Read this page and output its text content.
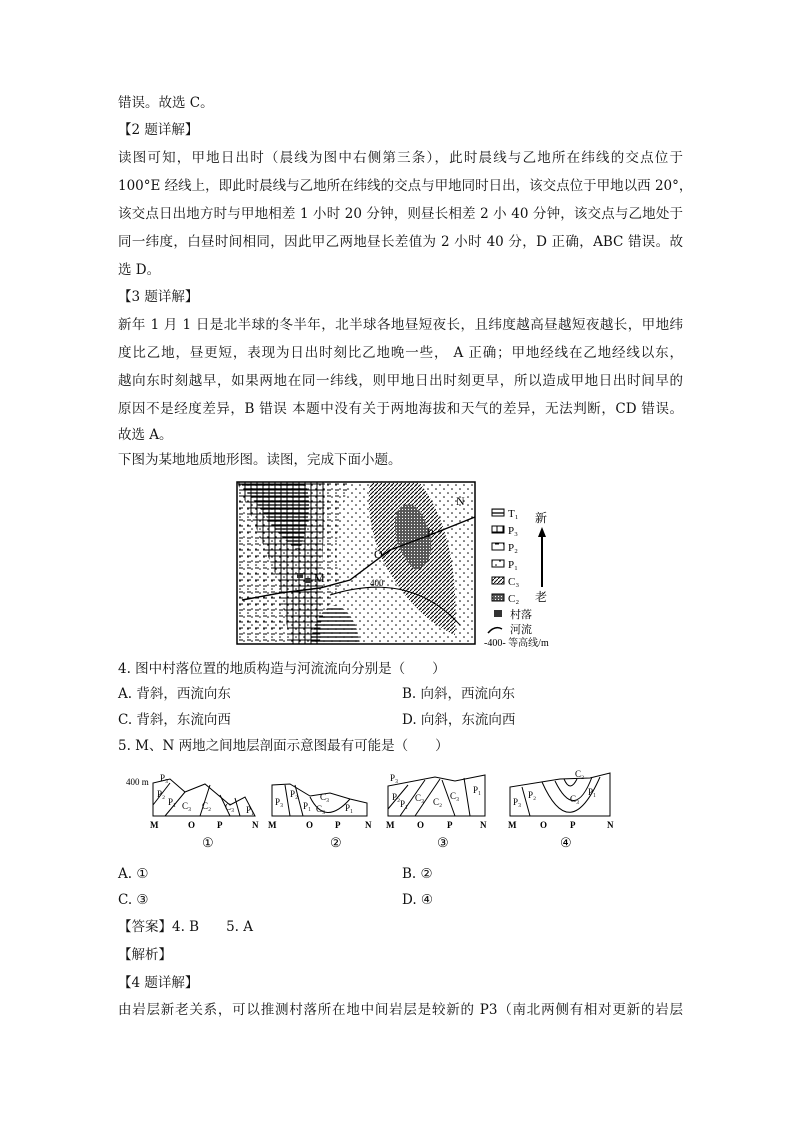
错误。故选 C。
【2 题详解】
读图可知，甲地日出时（晨线为图中右侧第三条），此时晨线与乙地所在纬线的交点位于
100°E 经线上，即此时晨线与乙地所在纬线的交点与甲地同时日出，该交点位于甲地以西 20°，
该交点日出地方时与甲地相差 1 小时 20 分钟，则昼长相差 2 小 40 分钟，该交点与乙地处于
同一纬度，白昼时间相同，因此甲乙两地昼长差值为 2 小时 40 分，D 正确，ABC 错误。故
选 D。
【3 题详解】
新年 1 月 1 日是北半球的冬半年，北半球各地昼短夜长，且纬度越高昼越短夜越长，甲地纬
度比乙地，昼更短，表现为日出时刻比乙地晚一些， A 正确；甲地经线在乙地经线以东，
越向东时刻越早，如果两地在同一纬线，则甲地日出时刻更早，所以造成甲地日出时间早的
原因不是经度差异，B 错误 本题中没有关于两地海拔和天气的差异，无法判断，CD 错误。
故选 A。
下图为某地地质地形图。读图，完成下面小题。
N
P
O
M	400
T₁
P₃
P₂
P₁
C₃
C₂
村落
河流
-400- 等高线/m
新
老
4. 图中村落位置的地质构造与河流流向分别是（　　）
A. 背斜，西流向东	B. 向斜，西流向东
C. 背斜，东流向西	D. 向斜，东流向西
5. M、N 两地之间地层剖面示意图最有可能是（　　）
P₃
P₂
P₁ C₃ C₂ C₃ P₁
400 m
①
P₃
P₂
P₁
C₃
C₃ P₁
②
P₃
P₂
P₁
C₃ C₂
C₃
P₁
③
P₃
P₂
C₂
C₃
P₁
④
M	O P	N M	O P	N M	O	P	N M	O	P	N
A. ①	B. ②
C. ③	D. ④
【答案】4. B　　5. A
【解析】
【4 题详解】
由岩层新老关系，可以推测村落所在地中间岩层是较新的 P3（南北两侧有相对更新的岩层
